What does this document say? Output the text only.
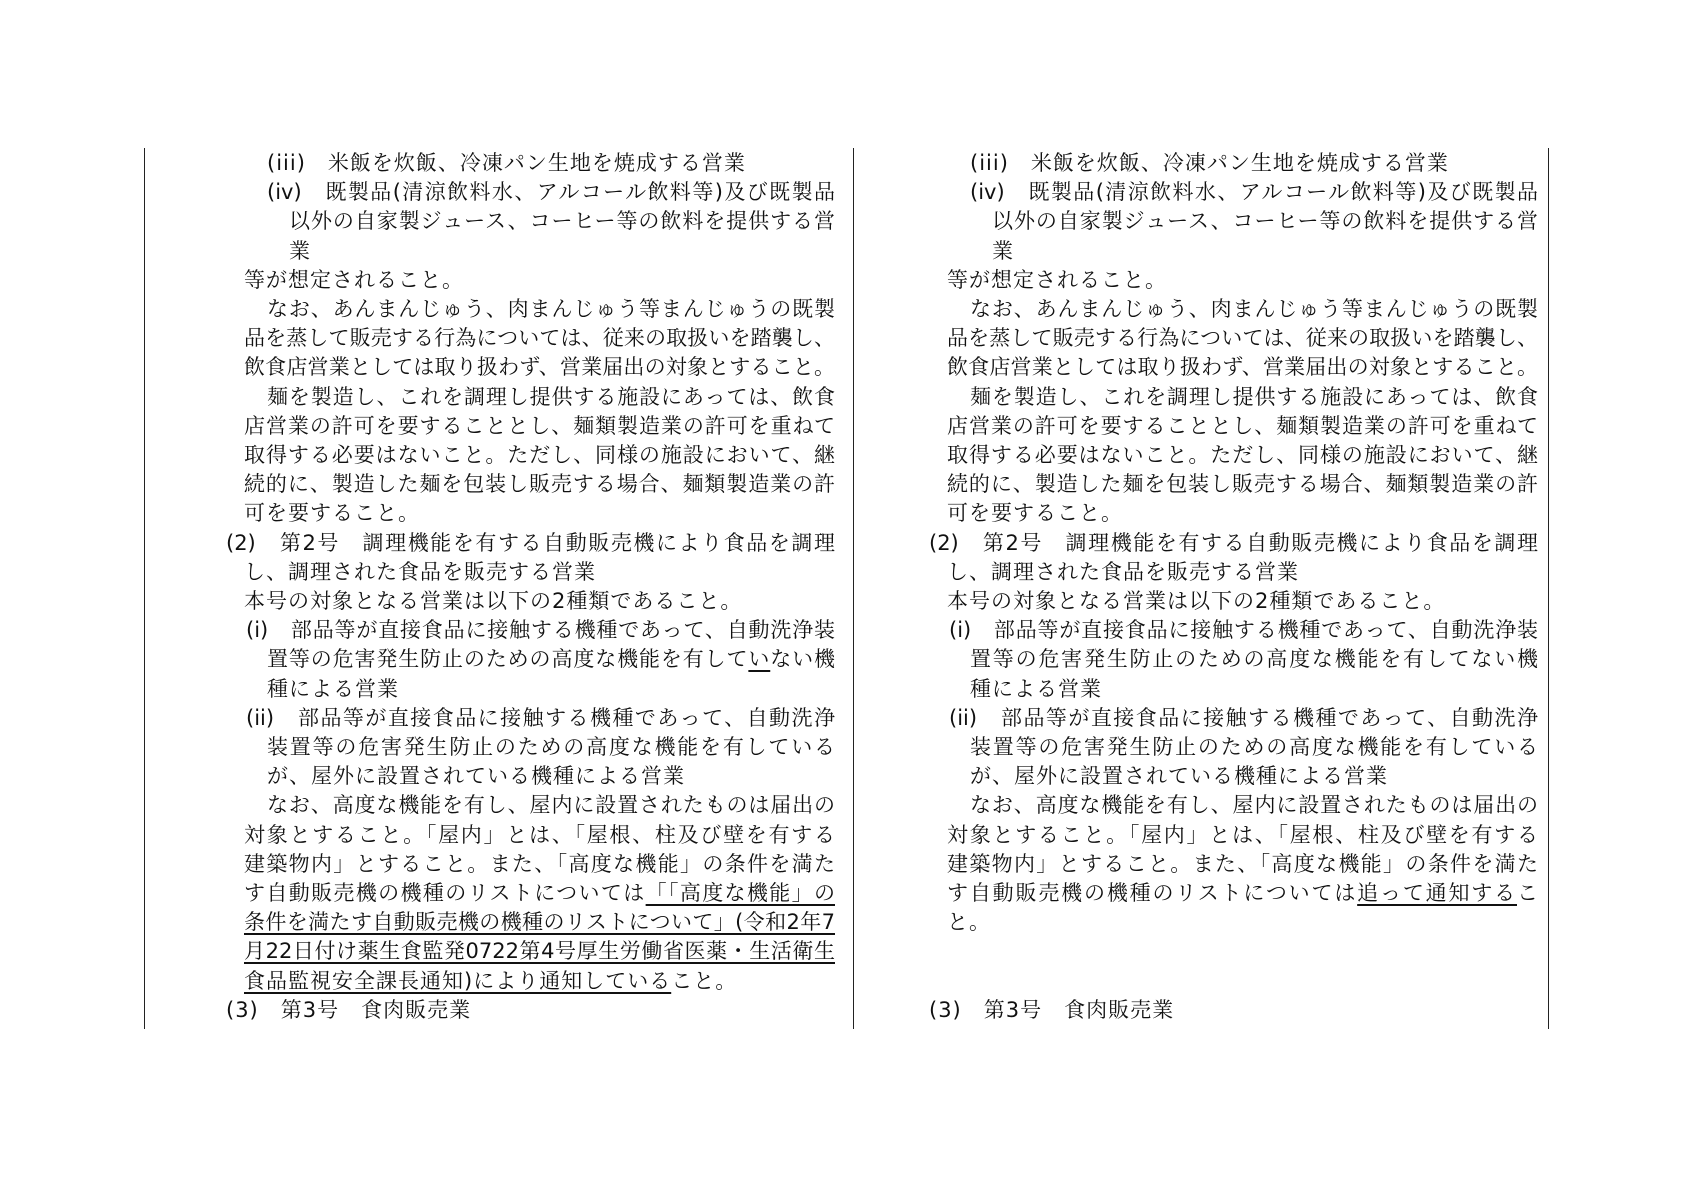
(iii)　米飯を炊飯、冷凍パン生地を焼成する営業
(iv)　既製品(清涼飲料水、アルコール飲料等)及び既製品
以外の自家製ジュース、コーヒー等の飲料を提供する営
業
等が想定されること。
なお、あんまんじゅう、肉まんじゅう等まんじゅうの既製
品を蒸して販売する行為については、従来の取扱いを踏襲し、
飲食店営業としては取り扱わず、営業届出の対象とすること。
麺を製造し、これを調理し提供する施設にあっては、飲食
店営業の許可を要することとし、麺類製造業の許可を重ねて
取得する必要はないこと。ただし、同様の施設において、継
続的に、製造した麺を包装し販売する場合、麺類製造業の許
可を要すること。
(2)　第2号　調理機能を有する自動販売機により食品を調理
し、調理された食品を販売する営業
本号の対象となる営業は以下の2種類であること。
(i)　部品等が直接食品に接触する機種であって、自動洗浄装
置等の危害発生防止のための高度な機能を有していない機
種による営業
(ii)　部品等が直接食品に接触する機種であって、自動洗浄
装置等の危害発生防止のための高度な機能を有している
が、屋外に設置されている機種による営業
なお、高度な機能を有し、屋内に設置されたものは届出の
対象とすること。「屋内」とは、「屋根、柱及び壁を有する
建築物内」とすること。また、「高度な機能」の条件を満た
す自動販売機の機種のリストについては「「高度な機能」の
条件を満たす自動販売機の機種のリストについて」(令和2年7
月22日付け薬生食監発0722第4号厚生労働省医薬・生活衛生
食品監視安全課長通知)により通知していること。
(3)　第3号　食肉販売業
(iii)　米飯を炊飯、冷凍パン生地を焼成する営業
(iv)　既製品(清涼飲料水、アルコール飲料等)及び既製品
以外の自家製ジュース、コーヒー等の飲料を提供する営
業
等が想定されること。
なお、あんまんじゅう、肉まんじゅう等まんじゅうの既製
品を蒸して販売する行為については、従来の取扱いを踏襲し、
飲食店営業としては取り扱わず、営業届出の対象とすること。
麺を製造し、これを調理し提供する施設にあっては、飲食
店営業の許可を要することとし、麺類製造業の許可を重ねて
取得する必要はないこと。ただし、同様の施設において、継
続的に、製造した麺を包装し販売する場合、麺類製造業の許
可を要すること。
(2)　第2号　調理機能を有する自動販売機により食品を調理
し、調理された食品を販売する営業
本号の対象となる営業は以下の2種類であること。
(i)　部品等が直接食品に接触する機種であって、自動洗浄装
置等の危害発生防止のための高度な機能を有してない機
種による営業
(ii)　部品等が直接食品に接触する機種であって、自動洗浄
装置等の危害発生防止のための高度な機能を有している
が、屋外に設置されている機種による営業
なお、高度な機能を有し、屋内に設置されたものは届出の
対象とすること。「屋内」とは、「屋根、柱及び壁を有する
建築物内」とすること。また、「高度な機能」の条件を満た
す自動販売機の機種のリストについては追って通知するこ
と。
(3)　第3号　食肉販売業
